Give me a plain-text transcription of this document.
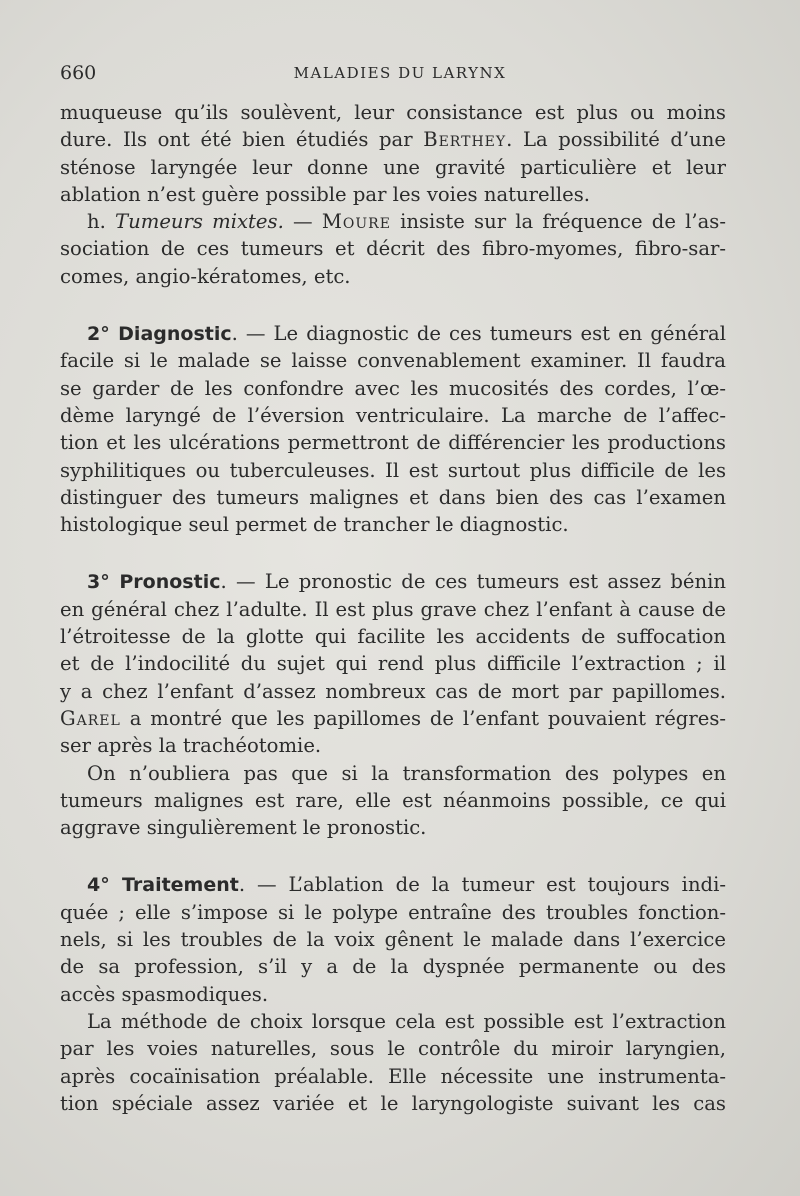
660	MALADIES DU LARYNX
muqueuse qu’ils soulèvent, leur consistance est plus ou moins
dure. Ils ont été bien étudiés par Berthey. La possibilité d’une
sténose laryngée leur donne une gravité particulière et leur
ablation n’est guère possible par les voies naturelles.
h. Tumeurs mixtes. — Moure insiste sur la fréquence de l’as-
sociation de ces tumeurs et décrit des fibro-myomes, fibro-sar-
comes, angio-kératomes, etc.
2° Diagnostic. — Le diagnostic de ces tumeurs est en général
facile si le malade se laisse convenablement examiner. Il faudra
se garder de les confondre avec les mucosités des cordes, l’œ-
dème laryngé de l’éversion ventriculaire. La marche de l’affec-
tion et les ulcérations permettront de différencier les productions
syphilitiques ou tuberculeuses. Il est surtout plus difficile de les
distinguer des tumeurs malignes et dans bien des cas l’examen
histologique seul permet de trancher le diagnostic.
3° Pronostic. — Le pronostic de ces tumeurs est assez bénin
en général chez l’adulte. Il est plus grave chez l’enfant à cause de
l’étroitesse de la glotte qui facilite les accidents de suffocation
et de l’indocilité du sujet qui rend plus difficile l’extraction ; il
y a chez l’enfant d’assez nombreux cas de mort par papillomes.
Garel a montré que les papillomes de l’enfant pouvaient régres-
ser après la trachéotomie.
On n’oubliera pas que si la transformation des polypes en
tumeurs malignes est rare, elle est néanmoins possible, ce qui
aggrave singulièrement le pronostic.
4° Traitement. — L’ablation de la tumeur est toujours indi-
quée ; elle s’impose si le polype entraîne des troubles fonction-
nels, si les troubles de la voix gênent le malade dans l’exercice
de sa profession, s’il y a de la dyspnée permanente ou des
accès spasmodiques.
La méthode de choix lorsque cela est possible est l’extraction
par les voies naturelles, sous le contrôle du miroir laryngien,
après cocaïnisation préalable. Elle nécessite une instrumenta-
tion spéciale assez variée et le laryngologiste suivant les cas
